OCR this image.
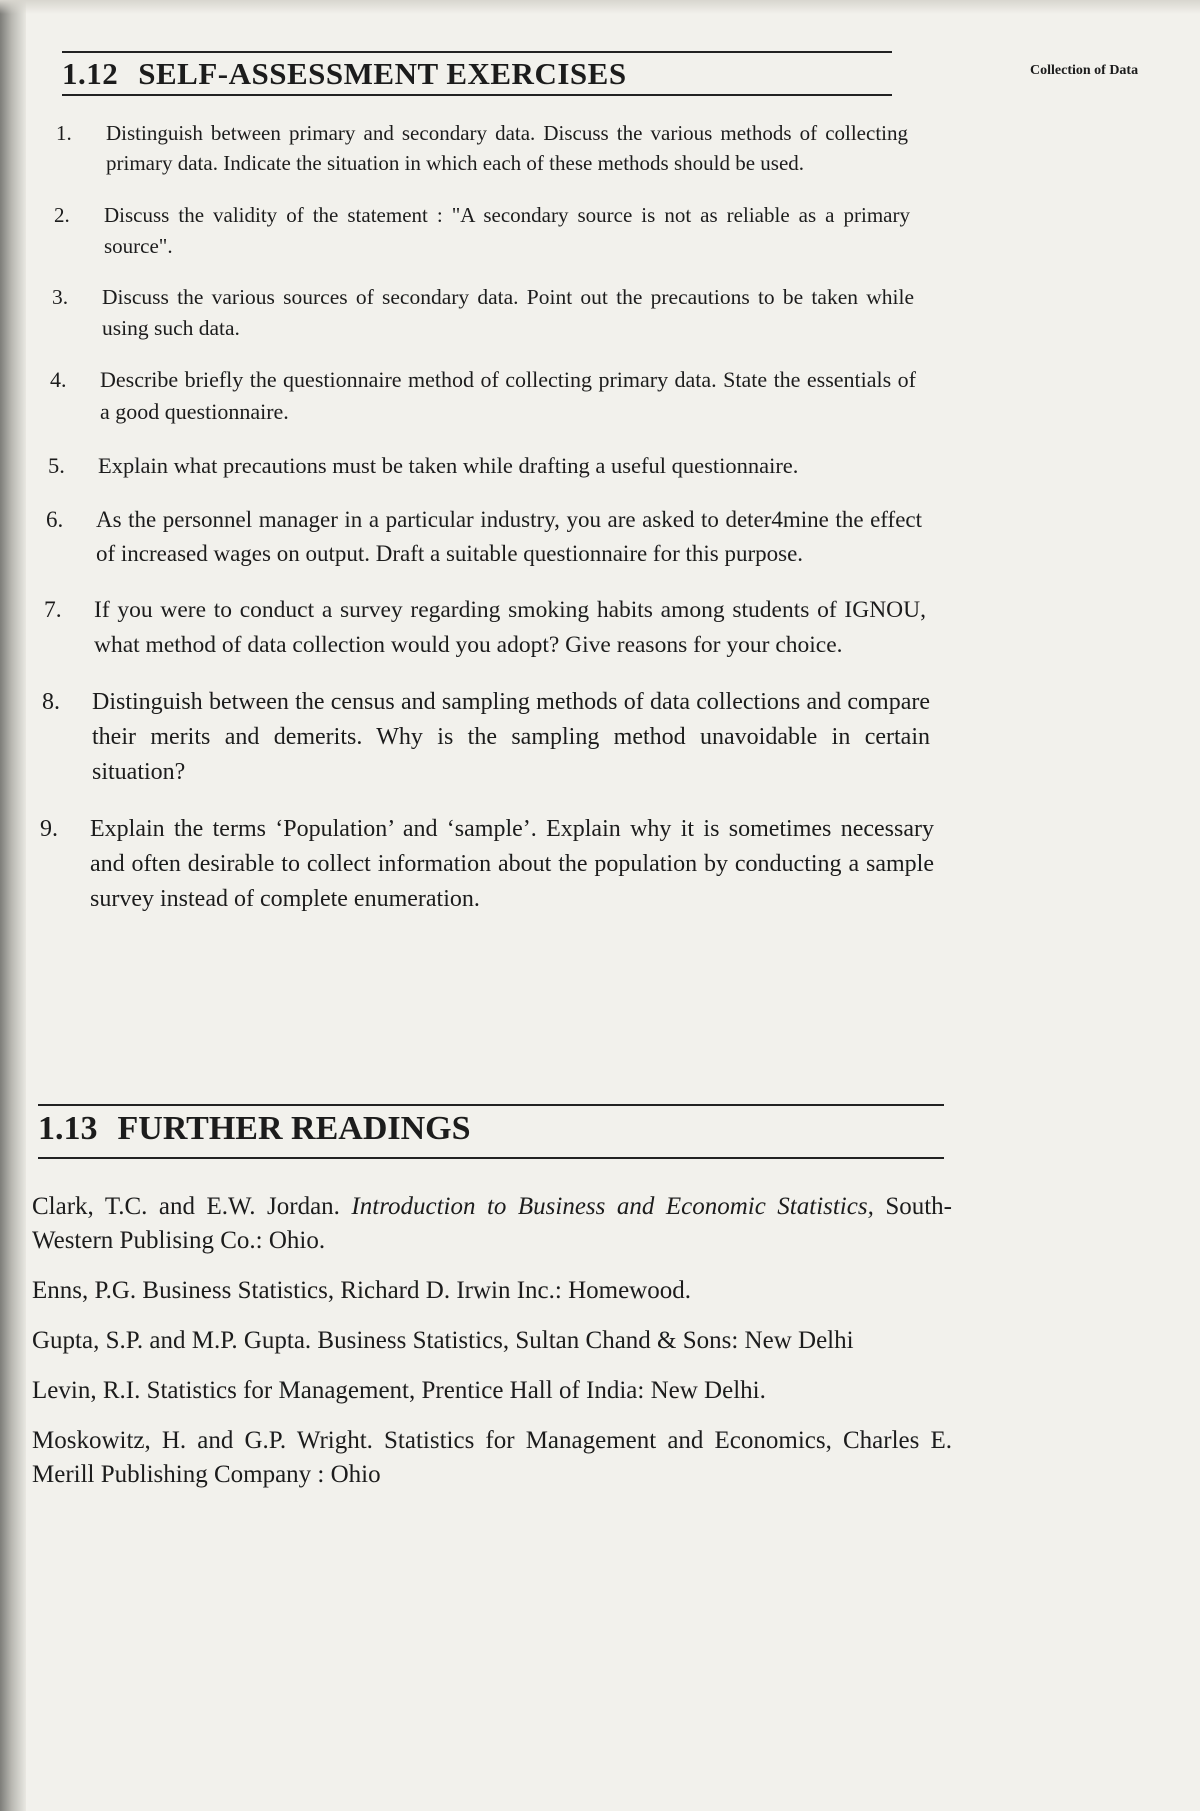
Collection of Data
1.12 SELF-ASSESSMENT EXERCISES
1.	Distinguish between primary and secondary data. Discuss the various methods of collecting primary data. Indicate the situation in which each of these methods should be used.
2.	Discuss the validity of the statement : "A secondary source is not as reliable as a primary source".
3.	Discuss the various sources of secondary data. Point out the precautions to be taken while using such data.
4.	Describe briefly the questionnaire method of collecting primary data. State the essentials of a good questionnaire.
5.	Explain what precautions must be taken while drafting a useful questionnaire.
6.	As the personnel manager in a particular industry, you are asked to deter4mine the effect of increased wages on output. Draft a suitable questionnaire for this purpose.
7.	If you were to conduct a survey regarding smoking habits among students of IGNOU, what method of data collection would you adopt? Give reasons for your choice.
8.	Distinguish between the census and sampling methods of data collections and compare their merits and demerits. Why is the sampling method unavoidable in certain situation?
9.	Explain the terms ‘Population’ and ‘sample’. Explain why it is sometimes necessary and often desirable to collect information about the population by conducting a sample survey instead of complete enumeration.
1.13 FURTHER READINGS

Clark, T.C. and E.W. Jordan. Introduction to Business and Economic Statistics, South-Western Publising Co.: Ohio.

Enns, P.G. Business Statistics, Richard D. Irwin Inc.: Homewood.

Gupta, S.P. and M.P. Gupta. Business Statistics, Sultan Chand & Sons: New Delhi

Levin, R.I. Statistics for Management, Prentice Hall of India: New Delhi.

Moskowitz, H. and G.P. Wright. Statistics for Management and Economics, Charles E. Merill Publishing Company : Ohio
